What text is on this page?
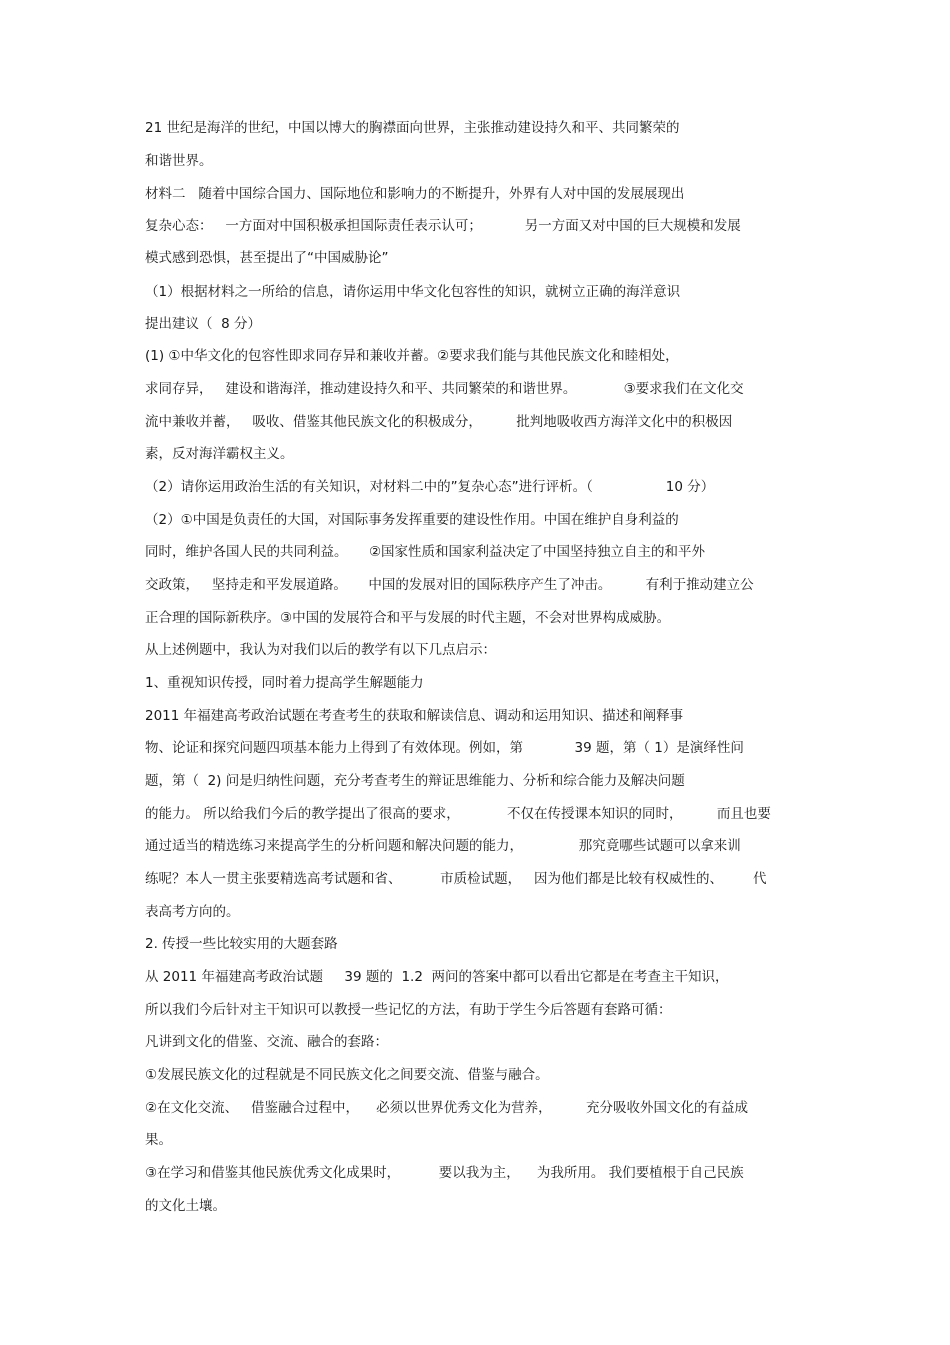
21 世纪是海洋的世纪，中国以博大的胸襟面向世界，主张推动建设持久和平、共同繁荣的
和谐世界。
材料二   随着中国综合国力、国际地位和影响力的不断提升，外界有人对中国的发展展现出
复杂心态：   一方面对中国积极承担国际责任表示认可；          另一方面又对中国的巨大规模和发展
模式感到恐惧，甚至提出了“中国威胁论”
（1）根据材料之一所给的信息，请你运用中华文化包容性的知识，就树立正确的海洋意识
提出建议（  8 分）
(1) ①中华文化的包容性即求同存异和兼收并蓄。②要求我们能与其他民族文化和睦相处，
求同存异，   建设和谐海洋，推动建设持久和平、共同繁荣的和谐世界。           ③要求我们在文化交
流中兼收并蓄，   吸收、借鉴其他民族文化的积极成分，        批判地吸收西方海洋文化中的积极因
素，反对海洋霸权主义。
（2）请你运用政治生活的有关知识，对材料二中的”复杂心态”进行评析。（                 10 分）
（2）①中国是负责任的大国，对国际事务发挥重要的建设性作用。中国在维护自身利益的
同时，维护各国人民的共同利益。     ②国家性质和国家利益决定了中国坚持独立自主的和平外
交政策，   坚持走和平发展道路。     中国的发展对旧的国际秩序产生了冲击。        有利于推动建立公
正合理的国际新秩序。③中国的发展符合和平与发展的时代主题，不会对世界构成威胁。
从上述例题中，我认为对我们以后的教学有以下几点启示：
1、重视知识传授，同时着力提高学生解题能力
2011 年福建高考政治试题在考查考生的获取和解读信息、调动和运用知识、描述和阐释事
物、论证和探究问题四项基本能力上得到了有效体现。例如，第            39 题，第（ 1）是演绎性问
题，第（  2) 问是归纳性问题，充分考查考生的辩证思维能力、分析和综合能力及解决问题
的能力。 所以给我们今后的教学提出了很高的要求，           不仅在传授课本知识的同时，        而且也要
通过适当的精选练习来提高学生的分析问题和解决问题的能力，             那究竟哪些试题可以拿来训
练呢？本人一贯主张要精选高考试题和省、         市质检试题，   因为他们都是比较有权威性的、       代
表高考方向的。
2. 传授一些比较实用的大题套路
从 2011 年福建高考政治试题     39 题的  1.2  两问的答案中都可以看出它都是在考查主干知识，
所以我们今后针对主干知识可以教授一些记忆的方法，有助于学生今后答题有套路可循：
凡讲到文化的借鉴、交流、融合的套路：
①发展民族文化的过程就是不同民族文化之间要交流、借鉴与融合。
②在文化交流、   借鉴融合过程中，    必须以世界优秀文化为营养，        充分吸收外国文化的有益成
果。
③在学习和借鉴其他民族优秀文化成果时，         要以我为主，    为我所用。 我们要植根于自己民族
的文化土壤。
